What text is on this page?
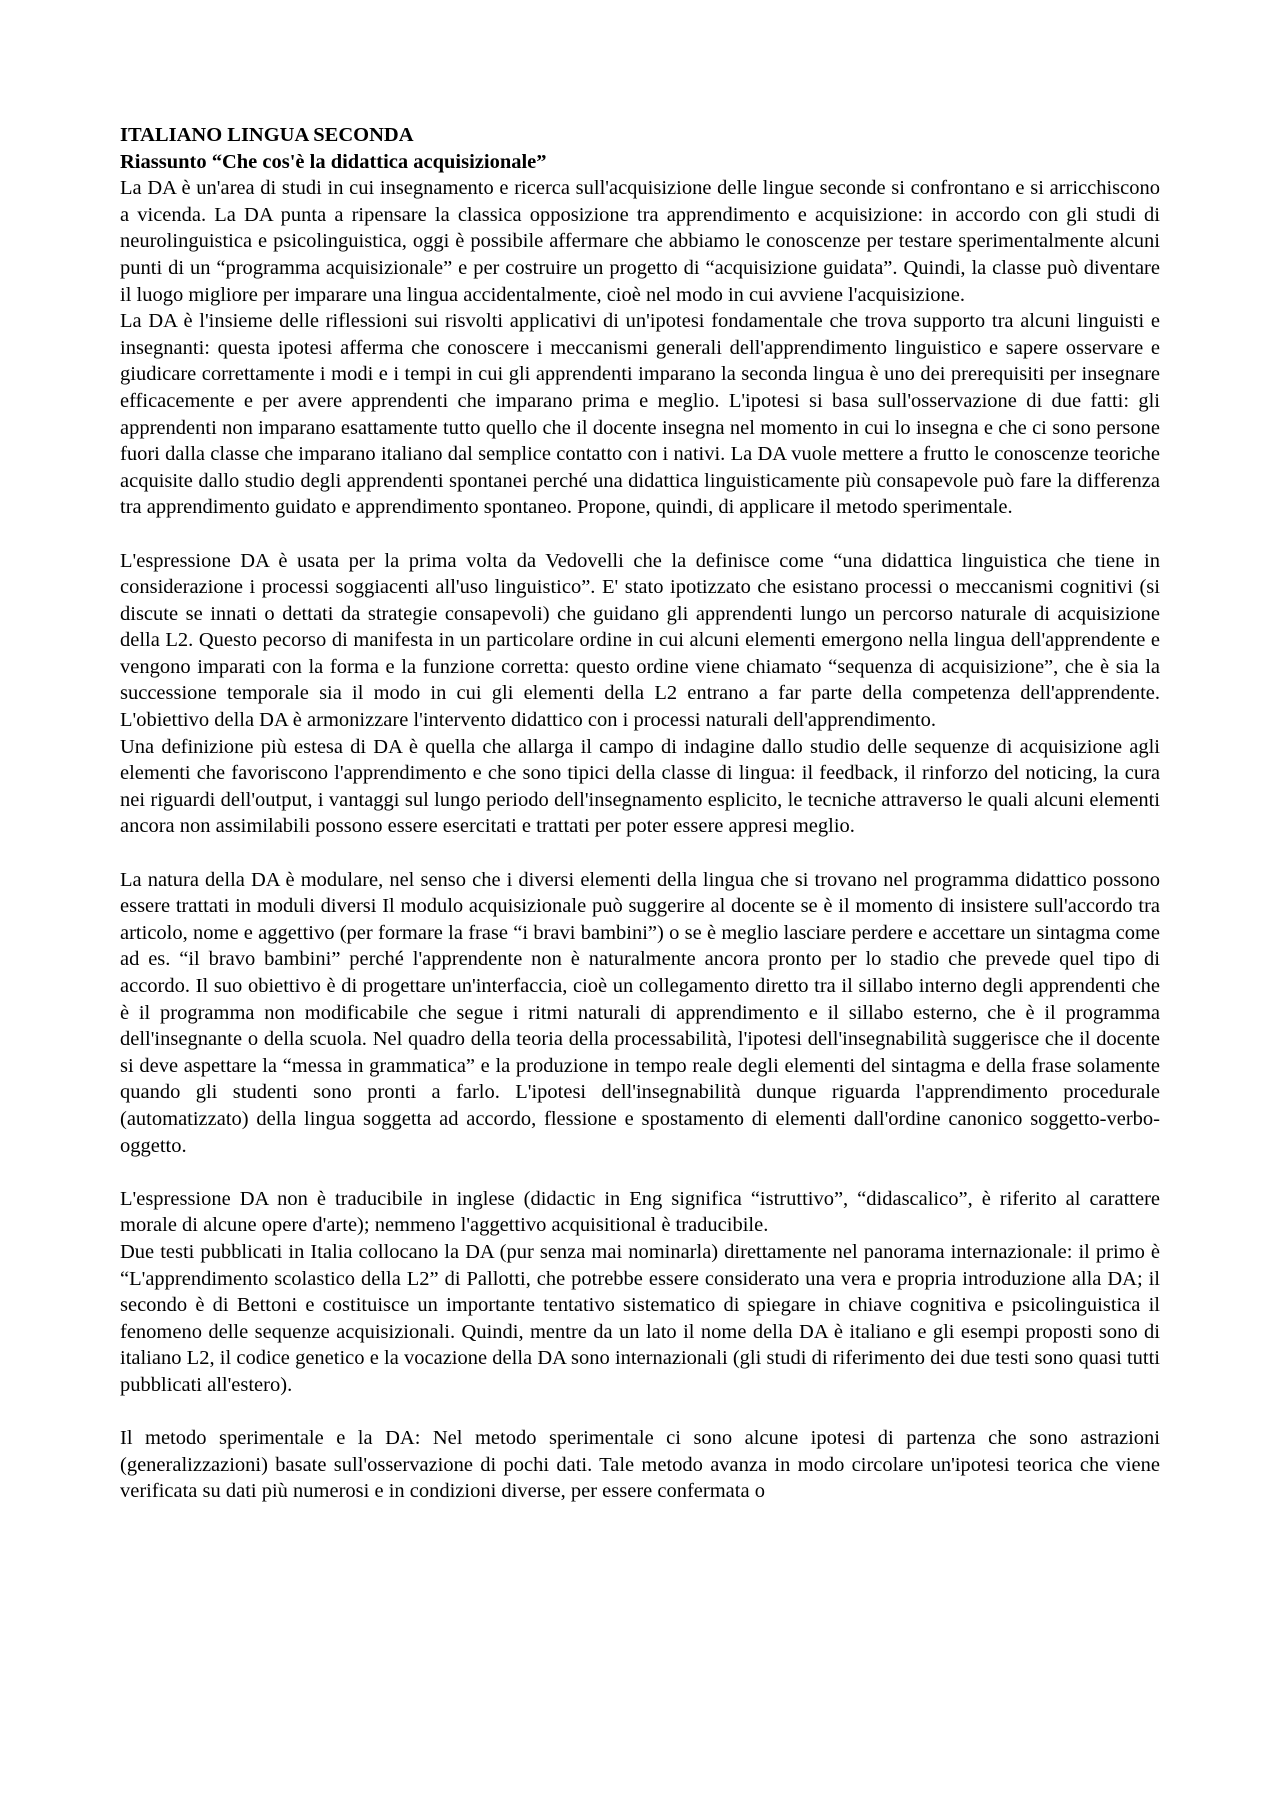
ITALIANO LINGUA SECONDA
Riassunto “Che cos'è la didattica acquisizionale”

La DA è un'area di studi in cui insegnamento e ricerca sull'acquisizione delle lingue seconde si confrontano e si arricchiscono a vicenda. La DA punta a ripensare la classica opposizione tra apprendimento e acquisizione: in accordo con gli studi di neurolinguistica e psicolinguistica, oggi è possibile affermare che abbiamo le conoscenze per testare sperimentalmente alcuni punti di un “programma acquisizionale” e per costruire un progetto di “acquisizione guidata”. Quindi, la classe può diventare il luogo migliore per imparare una lingua accidentalmente, cioè nel modo in cui avviene l'acquisizione.

La DA è l'insieme delle riflessioni sui risvolti applicativi di un'ipotesi fondamentale che trova supporto tra alcuni linguisti e insegnanti: questa ipotesi afferma che conoscere i meccanismi generali dell'apprendimento linguistico e sapere osservare e giudicare correttamente i modi e i tempi in cui gli apprendenti imparano la seconda lingua è uno dei prerequisiti per insegnare efficacemente e per avere apprendenti che imparano prima e meglio. L'ipotesi si basa sull'osservazione di due fatti: gli apprendenti non imparano esattamente tutto quello che il docente insegna nel momento in cui lo insegna e che ci sono persone fuori dalla classe che imparano italiano dal semplice contatto con i nativi. La DA vuole mettere a frutto le conoscenze teoriche acquisite dallo studio degli apprendenti spontanei perché una didattica linguisticamente più consapevole può fare la differenza tra apprendimento guidato e apprendimento spontaneo. Propone, quindi, di applicare il metodo sperimentale.

L'espressione DA è usata per la prima volta da Vedovelli che la definisce come “una didattica linguistica che tiene in considerazione i processi soggiacenti all'uso linguistico”. E' stato ipotizzato che esistano processi o meccanismi cognitivi (si discute se innati o dettati da strategie consapevoli) che guidano gli apprendenti lungo un percorso naturale di acquisizione della L2. Questo pecorso di manifesta in un particolare ordine in cui alcuni elementi emergono nella lingua dell'apprendente e vengono imparati con la forma e la funzione corretta: questo ordine viene chiamato “sequenza di acquisizione”, che è sia la successione temporale sia il modo in cui gli elementi della L2 entrano a far parte della competenza dell'apprendente. L'obiettivo della DA è armonizzare l'intervento didattico con i processi naturali dell'apprendimento.

Una definizione più estesa di DA è quella che allarga il campo di indagine dallo studio delle sequenze di acquisizione agli elementi che favoriscono l'apprendimento e che sono tipici della classe di lingua: il feedback, il rinforzo del noticing, la cura nei riguardi dell'output, i vantaggi sul lungo periodo dell'insegnamento esplicito, le tecniche attraverso le quali alcuni elementi ancora non assimilabili possono essere esercitati e trattati per poter essere appresi meglio.

La natura della DA è modulare, nel senso che i diversi elementi della lingua che si trovano nel programma didattico possono essere trattati in moduli diversi Il modulo acquisizionale può suggerire al docente se è il momento di insistere sull'accordo tra articolo, nome e aggettivo (per formare la frase “i bravi bambini”) o se è meglio lasciare perdere e accettare un sintagma come ad es. “il bravo bambini” perché l'apprendente non è naturalmente ancora pronto per lo stadio che prevede quel tipo di accordo. Il suo obiettivo è di progettare un'interfaccia, cioè un collegamento diretto tra il sillabo interno degli apprendenti che è il programma non modificabile che segue i ritmi naturali di apprendimento e il sillabo esterno, che è il programma dell'insegnante o della scuola. Nel quadro della teoria della processabilità, l'ipotesi dell'insegnabilità suggerisce che il docente si deve aspettare la “messa in grammatica” e la produzione in tempo reale degli elementi del sintagma e della frase solamente quando gli studenti sono pronti a farlo. L'ipotesi dell'insegnabilità dunque riguarda l'apprendimento procedurale (automatizzato) della lingua soggetta ad accordo, flessione e spostamento di elementi dall'ordine canonico soggetto-verbo-oggetto.

L'espressione DA non è traducibile in inglese (didactic in Eng significa “istruttivo”, “didascalico”, è riferito al carattere morale di alcune opere d'arte); nemmeno l'aggettivo acquisitional è traducibile.

Due testi pubblicati in Italia collocano la DA (pur senza mai nominarla) direttamente nel panorama internazionale: il primo è “L'apprendimento scolastico della L2” di Pallotti, che potrebbe essere considerato una vera e propria introduzione alla DA; il secondo è di Bettoni e costituisce un importante tentativo sistematico di spiegare in chiave cognitiva e psicolinguistica il fenomeno delle sequenze acquisizionali. Quindi, mentre da un lato il nome della DA è italiano e gli esempi proposti sono di italiano L2, il codice genetico e la vocazione della DA sono internazionali (gli studi di riferimento dei due testi sono quasi tutti pubblicati all'estero).

Il metodo sperimentale e la DA: Nel metodo sperimentale ci sono alcune ipotesi di partenza che sono astrazioni (generalizzazioni) basate sull'osservazione di pochi dati. Tale metodo avanza in modo circolare un'ipotesi teorica che viene verificata su dati più numerosi e in condizioni diverse, per essere confermata o
